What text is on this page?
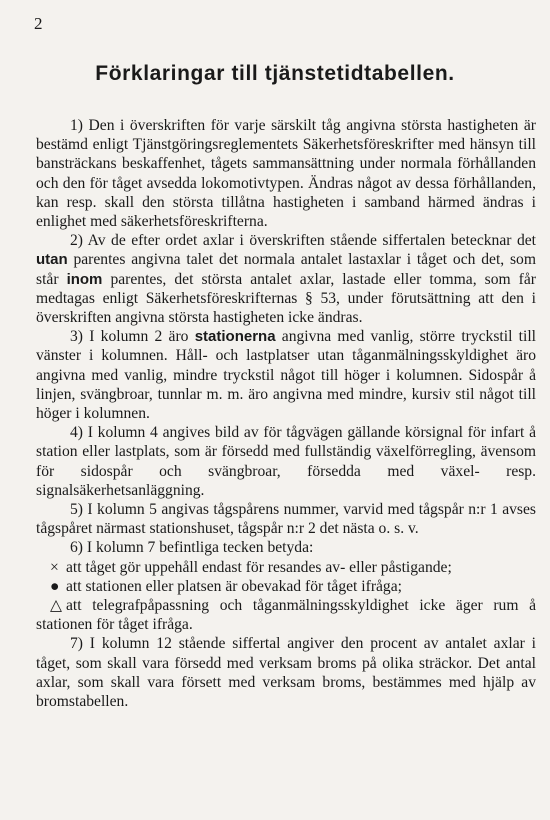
2
Förklaringar till tjänstetidtabellen.

1) Den i överskriften för varje särskilt tåg angivna största hastigheten är bestämd enligt Tjänstgöringsreglementets Säkerhetsföreskrifter med hänsyn till bansträckans beskaffenhet, tågets sammansättning under normala förhållanden och den för tåget avsedda lokomotivtypen. Ändras något av dessa förhållanden, kan resp. skall den största tillåtna hastigheten i samband härmed ändras i enlighet med säkerhetsföreskrifterna.

2) Av de efter ordet axlar i överskriften stående siffertalen betecknar det utan parentes angivna talet det normala antalet lastaxlar i tåget och det, som står inom parentes, det största antalet axlar, lastade eller tomma, som får medtagas enligt Säkerhetsföreskrifternas § 53, under förutsättning att den i överskriften angivna största hastigheten icke ändras.

3) I kolumn 2 äro stationerna angivna med vanlig, större tryckstil till vänster i kolumnen. Håll- och lastplatser utan tåganmälningsskyldighet äro angivna med vanlig, mindre tryckstil något till höger i kolumnen. Sidospår å linjen, svängbroar, tunnlar m. m. äro angivna med mindre, kursiv stil något till höger i kolumnen.

4) I kolumn 4 angives bild av för tågvägen gällande körsignal för infart å station eller lastplats, som är försedd med fullständig växelförregling, ävensom för sidospår och svängbroar, försedda med växel- resp. signalsäkerhetsanläggning.

5) I kolumn 5 angivas tågspårens nummer, varvid med tågspår n:r 1 avses tågspåret närmast stationshuset, tågspår n:r 2 det nästa o. s. v.

6) I kolumn 7 befintliga tecken betyda:

× att tåget gör uppehåll endast för resandes av- eller påstigande;

● att stationen eller platsen är obevakad för tåget ifråga;

△ att telegrafpåpassning och tåganmälningsskyldighet icke äger rum å stationen för tåget ifråga.

7) I kolumn 12 stående siffertal angiver den procent av antalet axlar i tåget, som skall vara försedd med verksam broms på olika sträckor. Det antal axlar, som skall vara försett med verksam broms, bestämmes med hjälp av bromstabellen.
